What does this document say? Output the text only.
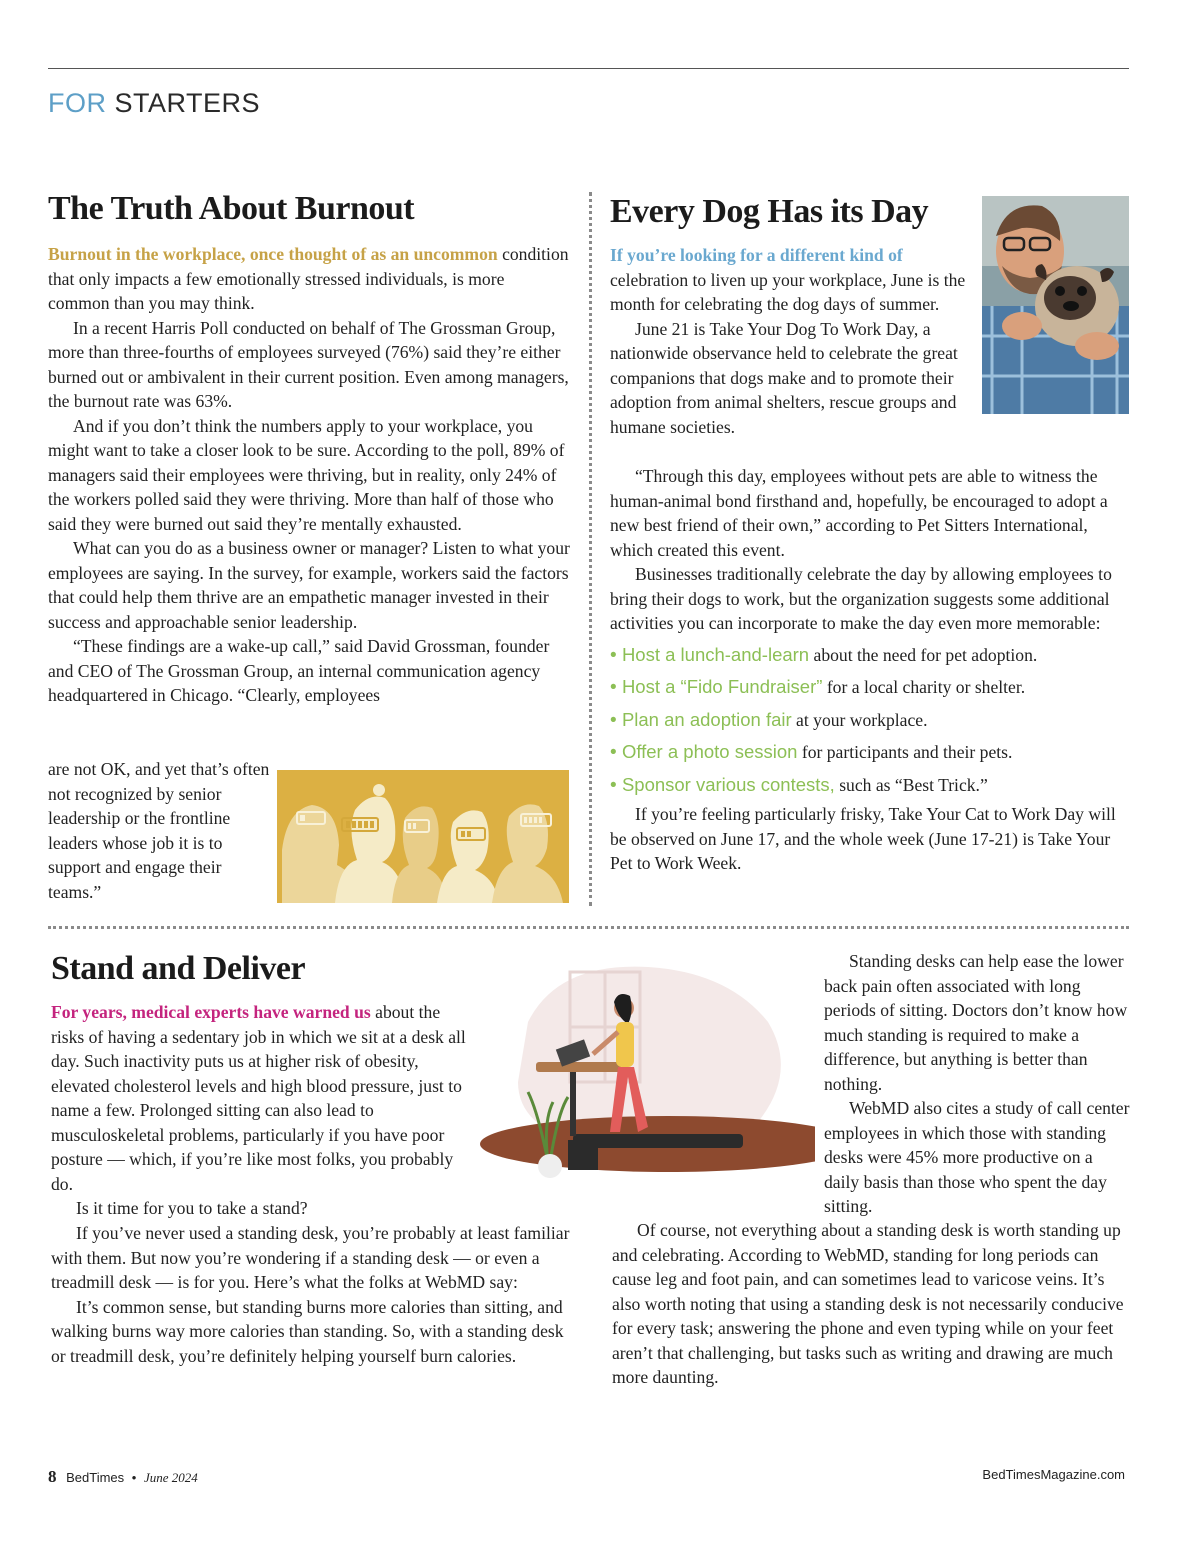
FOR STARTERS
The Truth About Burnout

Burnout in the workplace, once thought of as an uncommon condition that only impacts a few emotionally stressed individuals, is more common than you may think.

In a recent Harris Poll conducted on behalf of The Grossman Group, more than three-fourths of employees surveyed (76%) said they’re either burned out or ambivalent in their current position. Even among managers, the burnout rate was 63%.

And if you don’t think the numbers apply to your workplace, you might want to take a closer look to be sure. According to the poll, 89% of managers said their employees were thriving, but in reality, only 24% of the workers polled said they were thriving. More than half of those who said they were burned out said they’re mentally exhausted.

What can you do as a business owner or manager? Listen to what your employees are saying. In the survey, for example, workers said the factors that could help them thrive are an empathetic manager invested in their success and approachable senior leadership.

“These findings are a wake-up call,” said David Grossman, founder and CEO of The Grossman Group, an internal communication agency headquartered in Chicago. “Clearly, employees

are not OK, and yet that’s often not recognized by senior leadership or the frontline leaders whose job it is to support and engage their teams.”

Every Dog Has its Day

If you’re looking for a different kind of celebration to liven up your workplace, June is the month for celebrating the dog days of summer.

June 21 is Take Your Dog To Work Day, a nationwide observance held to celebrate the great companions that dogs make and to promote their adoption from animal shelters, rescue groups and humane societies.

“Through this day, employees without pets are able to witness the human-animal bond firsthand and, hopefully, be encouraged to adopt a new best friend of their own,” according to Pet Sitters International, which created this event.

Businesses traditionally celebrate the day by allowing employees to bring their dogs to work, but the organization suggests some additional activities you can incorporate to make the day even more memorable:

• Host a lunch-and-learn about the need for pet adoption.
• Host a “Fido Fundraiser” for a local charity or shelter.
• Plan an adoption fair at your workplace.
• Offer a photo session for participants and their pets.
• Sponsor various contests, such as “Best Trick.”

If you’re feeling particularly frisky, Take Your Cat to Work Day will be observed on June 17, and the whole week (June 17-21) is Take Your Pet to Work Week.

Stand and Deliver

For years, medical experts have warned us about the risks of having a sedentary job in which we sit at a desk all day. Such inactivity puts us at higher risk of obesity, elevated cholesterol levels and high blood pressure, just to name a few. Prolonged sitting can also lead to musculoskeletal problems, particularly if you have poor posture — which, if you’re like most folks, you probably do.

Is it time for you to take a stand?

If you’ve never used a standing desk, you’re probably at least familiar with them. But now you’re wondering if a standing desk — or even a treadmill desk — is for you. Here’s what the folks at WebMD say:

It’s common sense, but standing burns more calories than sitting, and walking burns way more calories than standing. So, with a standing desk or treadmill desk, you’re definitely helping yourself burn calories.

Standing desks can help ease the lower back pain often associated with long periods of sitting. Doctors don’t know how much standing is required to make a difference, but anything is better than nothing.

WebMD also cites a study of call center employees in which those with standing desks were 45% more productive on a daily basis than those who spent the day sitting.

Of course, not everything about a standing desk is worth standing up and celebrating. According to WebMD, standing for long periods can cause leg and foot pain, and can sometimes lead to varicose veins. It’s also worth noting that using a standing desk is not necessarily conducive for every task; answering the phone and even typing while on your feet aren’t that challenging, but tasks such as writing and drawing are much more daunting.

8 BedTimes • June 2024	BedTimesMagazine.com
